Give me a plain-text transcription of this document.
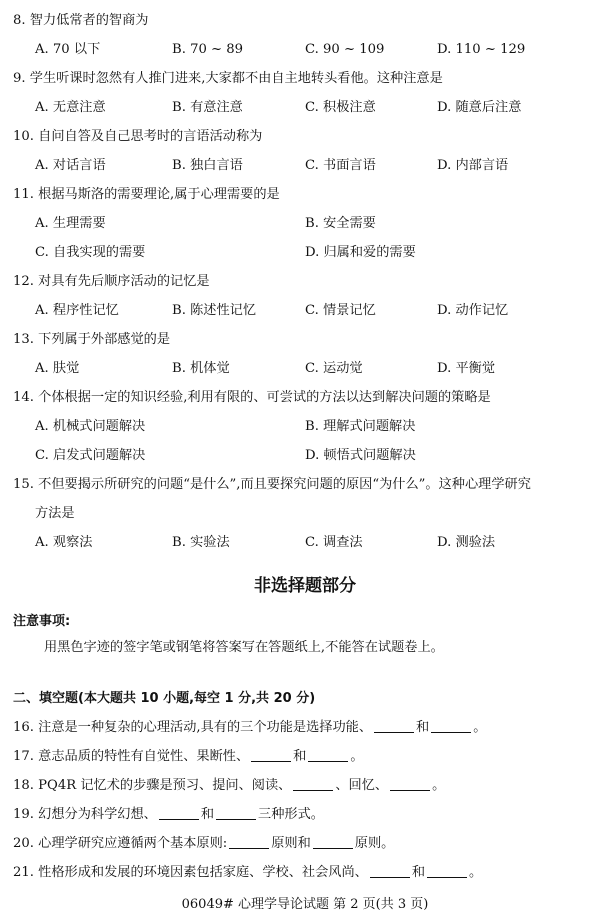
8. 智力低常者的智商为
A. 70 以下	B. 70 ~ 89	C. 90 ~ 109	D. 110 ~ 129
9. 学生听课时忽然有人推门进来,大家都不由自主地转头看他。这种注意是
A. 无意注意	B. 有意注意	C. 积极注意	D. 随意后注意
10. 自问自答及自己思考时的言语活动称为
A. 对话言语	B. 独白言语	C. 书面言语	D. 内部言语
11. 根据马斯洛的需要理论,属于心理需要的是
A. 生理需要	B. 安全需要
C. 自我实现的需要	D. 归属和爱的需要
12. 对具有先后顺序活动的记忆是
A. 程序性记忆	B. 陈述性记忆	C. 情景记忆	D. 动作记忆
13. 下列属于外部感觉的是
A. 肤觉	B. 机体觉	C. 运动觉	D. 平衡觉
14. 个体根据一定的知识经验,利用有限的、可尝试的方法以达到解决问题的策略是
A. 机械式问题解决	B. 理解式问题解决
C. 启发式问题解决	D. 顿悟式问题解决
15. 不但要揭示所研究的问题“是什么”,而且要探究问题的原因“为什么”。这种心理学研究
方法是
A. 观察法	B. 实验法	C. 调查法	D. 测验法
非选择题部分
注意事项:
用黑色字迹的签字笔或钢笔将答案写在答题纸上,不能答在试题卷上。
二、填空题(本大题共 10 小题,每空 1 分,共 20 分)
16. 注意是一种复杂的心理活动,具有的三个功能是选择功能、	和	。
17. 意志品质的特性有自觉性、果断性、	和	。
18. PQ4R 记忆术的步骤是预习、提问、阅读、	、回忆、	。
19. 幻想分为科学幻想、	和	三种形式。
20. 心理学研究应遵循两个基本原则:	原则和	原则。
21. 性格形成和发展的环境因素包括家庭、学校、社会风尚、	和	。
06049# 心理学导论试题 第 2 页(共 3 页)
